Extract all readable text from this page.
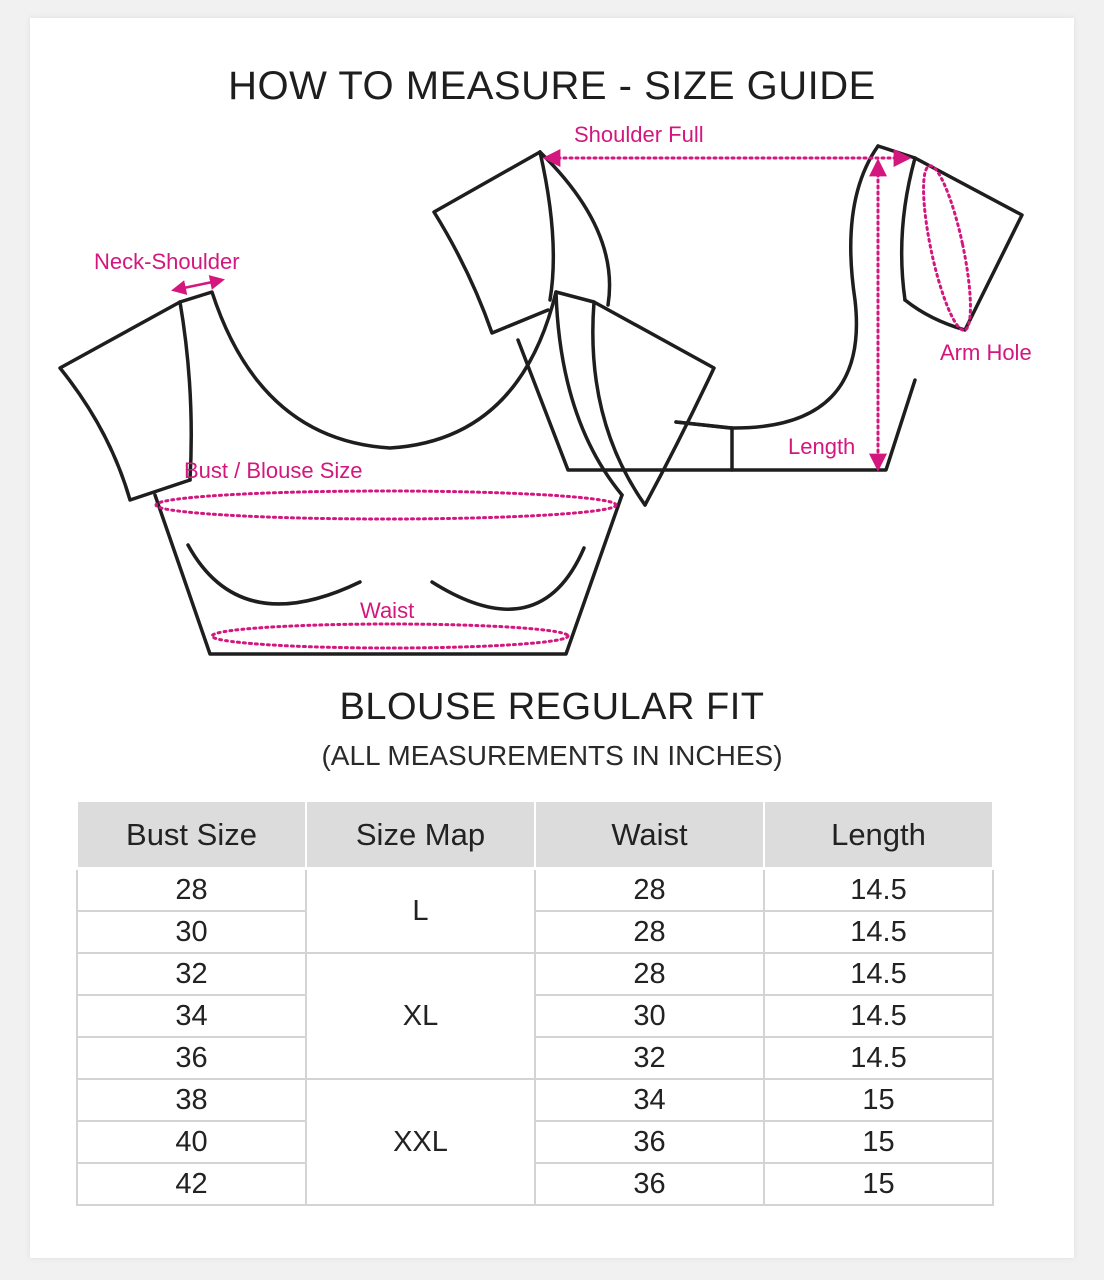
HOW TO MEASURE - SIZE GUIDE
Neck-Shoulder
Shoulder Full
Arm Hole
Length
Bust / Blouse Size
Waist
BLOUSE REGULAR FIT
(ALL MEASUREMENTS IN INCHES)
Bust Size	Size Map	Waist	Length
28	L	28	14.5
30		28	14.5
32	XL	28	14.5
34		30	14.5
36		32	14.5
38	XXL	34	15
40		36	15
42		36	15
